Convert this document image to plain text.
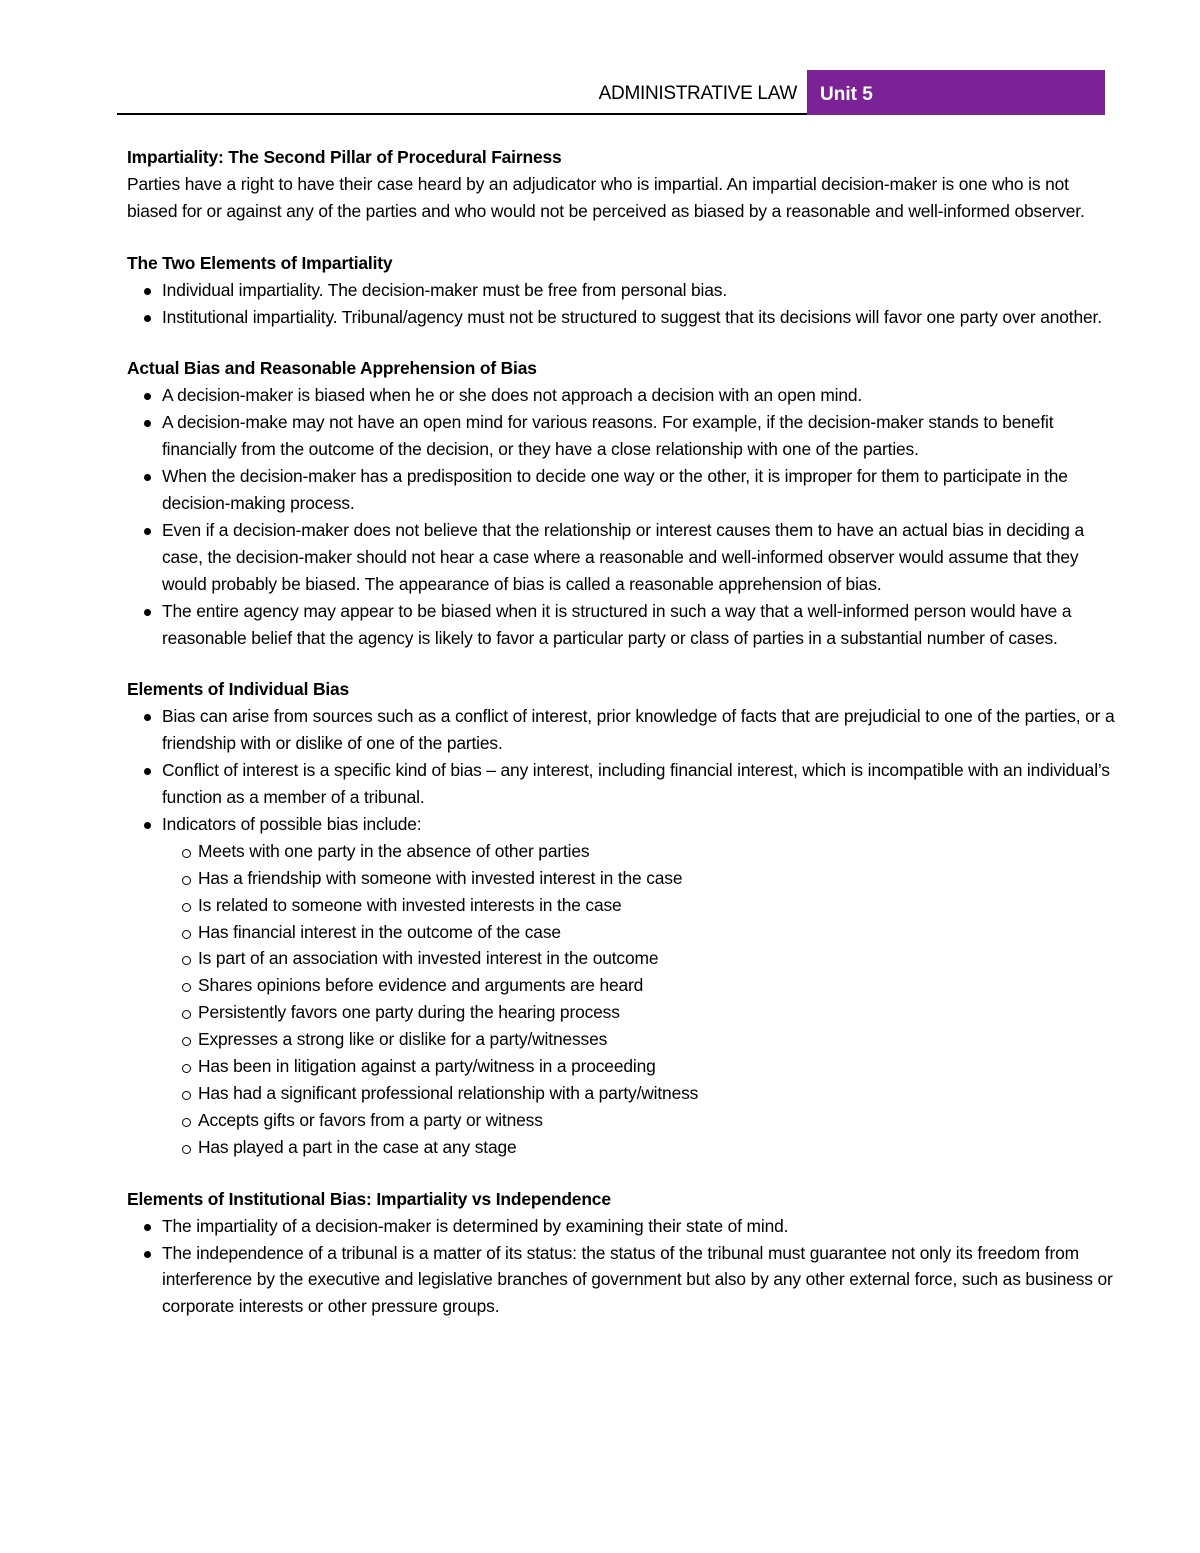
ADMINISTRATIVE LAW	Unit 5
Impartiality: The Second Pillar of Procedural Fairness

Parties have a right to have their case heard by an adjudicator who is impartial. An impartial decision-maker is one who is not biased for or against any of the parties and who would not be perceived as biased by a reasonable and well-informed observer.

The Two Elements of Impartiality
Individual impartiality. The decision-maker must be free from personal bias.
Institutional impartiality. Tribunal/agency must not be structured to suggest that its decisions will favor one party over another.
Actual Bias and Reasonable Apprehension of Bias
A decision-maker is biased when he or she does not approach a decision with an open mind.
A decision-make may not have an open mind for various reasons. For example, if the decision-maker stands to benefit financially from the outcome of the decision, or they have a close relationship with one of the parties.
When the decision-maker has a predisposition to decide one way or the other, it is improper for them to participate in the decision-making process.
Even if a decision-maker does not believe that the relationship or interest causes them to have an actual bias in deciding a case, the decision-maker should not hear a case where a reasonable and well-informed observer would assume that they would probably be biased. The appearance of bias is called a reasonable apprehension of bias.
The entire agency may appear to be biased when it is structured in such a way that a well-informed person would have a reasonable belief that the agency is likely to favor a particular party or class of parties in a substantial number of cases.
Elements of Individual Bias
Bias can arise from sources such as a conflict of interest, prior knowledge of facts that are prejudicial to one of the parties, or a friendship with or dislike of one of the parties.
Conflict of interest is a specific kind of bias – any interest, including financial interest, which is incompatible with an individual’s function as a member of a tribunal.
Indicators of possible bias include:
Meets with one party in the absence of other parties
Has a friendship with someone with invested interest in the case
Is related to someone with invested interests in the case
Has financial interest in the outcome of the case
Is part of an association with invested interest in the outcome
Shares opinions before evidence and arguments are heard
Persistently favors one party during the hearing process
Expresses a strong like or dislike for a party/witnesses
Has been in litigation against a party/witness in a proceeding
Has had a significant professional relationship with a party/witness
Accepts gifts or favors from a party or witness
Has played a part in the case at any stage
Elements of Institutional Bias: Impartiality vs Independence
The impartiality of a decision-maker is determined by examining their state of mind.
The independence of a tribunal is a matter of its status: the status of the tribunal must guarantee not only its freedom from interference by the executive and legislative branches of government but also by any other external force, such as business or corporate interests or other pressure groups.
